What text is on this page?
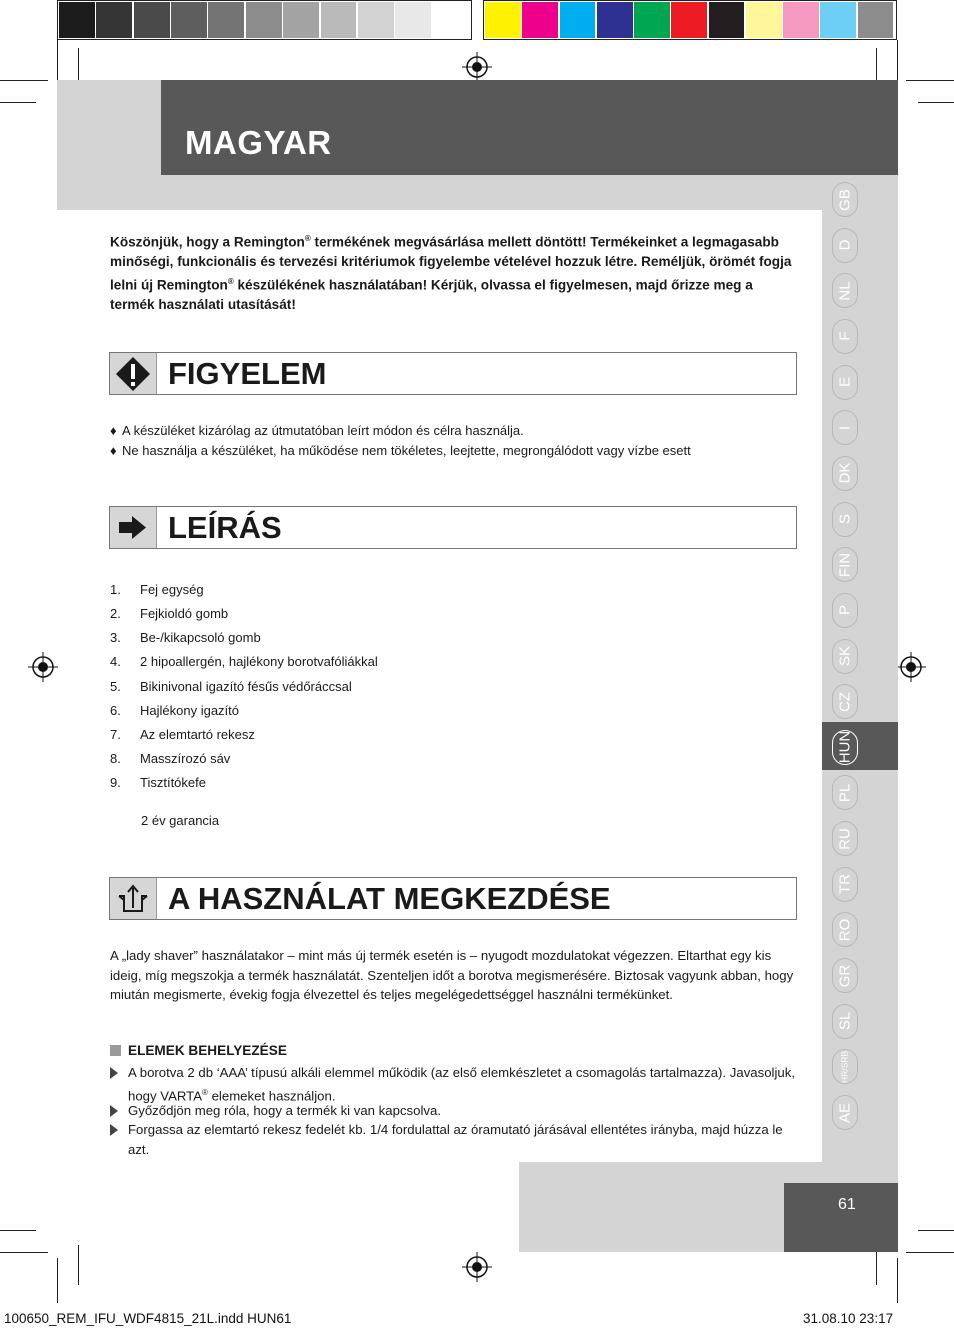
MAGYAR
Köszönjük, hogy a Remington® termékének megvásárlása mellett döntött! Termékeinket a legmagasabb minőségi, funkcionális és tervezési kritériumok figyelembe vételével hozzuk létre. Reméljük, örömét fogja lelni új Remington® készülékének használatában! Kérjük, olvassa el figyelmesen, majd őrizze meg a termék használati utasítását!
FIGYELEM
♦ A készüléket kizárólag az útmutatóban leírt módon és célra használja.
♦ Ne használja a készüléket, ha működése nem tökéletes, leejtette, megrongálódott vagy vízbe esett
LEÍRÁS
1. Fej egység
2. Fejkioldó gomb
3. Be-/kikapcsoló gomb
4. 2 hipoallergén, hajlékony borotvafóliákkal
5. Bikinivonal igazító fésűs védőráccsal
6. Hajlékony igazító
7. Az elemtartó rekesz
8. Masszírozó sáv
9. Tisztítókefe
2 év garancia
A HASZNÁLAT MEGKEZDÉSE
A „lady shaver” használatakor – mint más új termék esetén is – nyugodt mozdulatokat végezzen. Eltarthat egy kis ideig, míg megszokja a termék használatát. Szenteljen időt a borotva megismerésére. Biztosak vagyunk abban, hogy miután megismerte, évekig fogja élvezettel és teljes megelégedettséggel használni termékünket.
ELEMEK BEHELYEZÉSE
A borotva 2 db ‘AAA’ típusú alkáli elemmel működik (az első elemkészletet a csomagolás tartalmazza). Javasoljuk, hogy VARTA® elemeket használjon.
Győződjön meg róla, hogy a termék ki van kapcsolva.
Forgassa az elemtartó rekesz fedelét kb. 1/4 fordulattal az óramutató járásával ellentétes irányba, majd húzza le azt.
GB
D
NL
F
E
I
DK
S
FIN
P
SK
CZ
HUN
PL
RU
TR
RO
GR
SL
HR/SRB
AE
61
100650_REM_IFU_WDF4815_21L.indd HUN61	31.08.10 23:17
